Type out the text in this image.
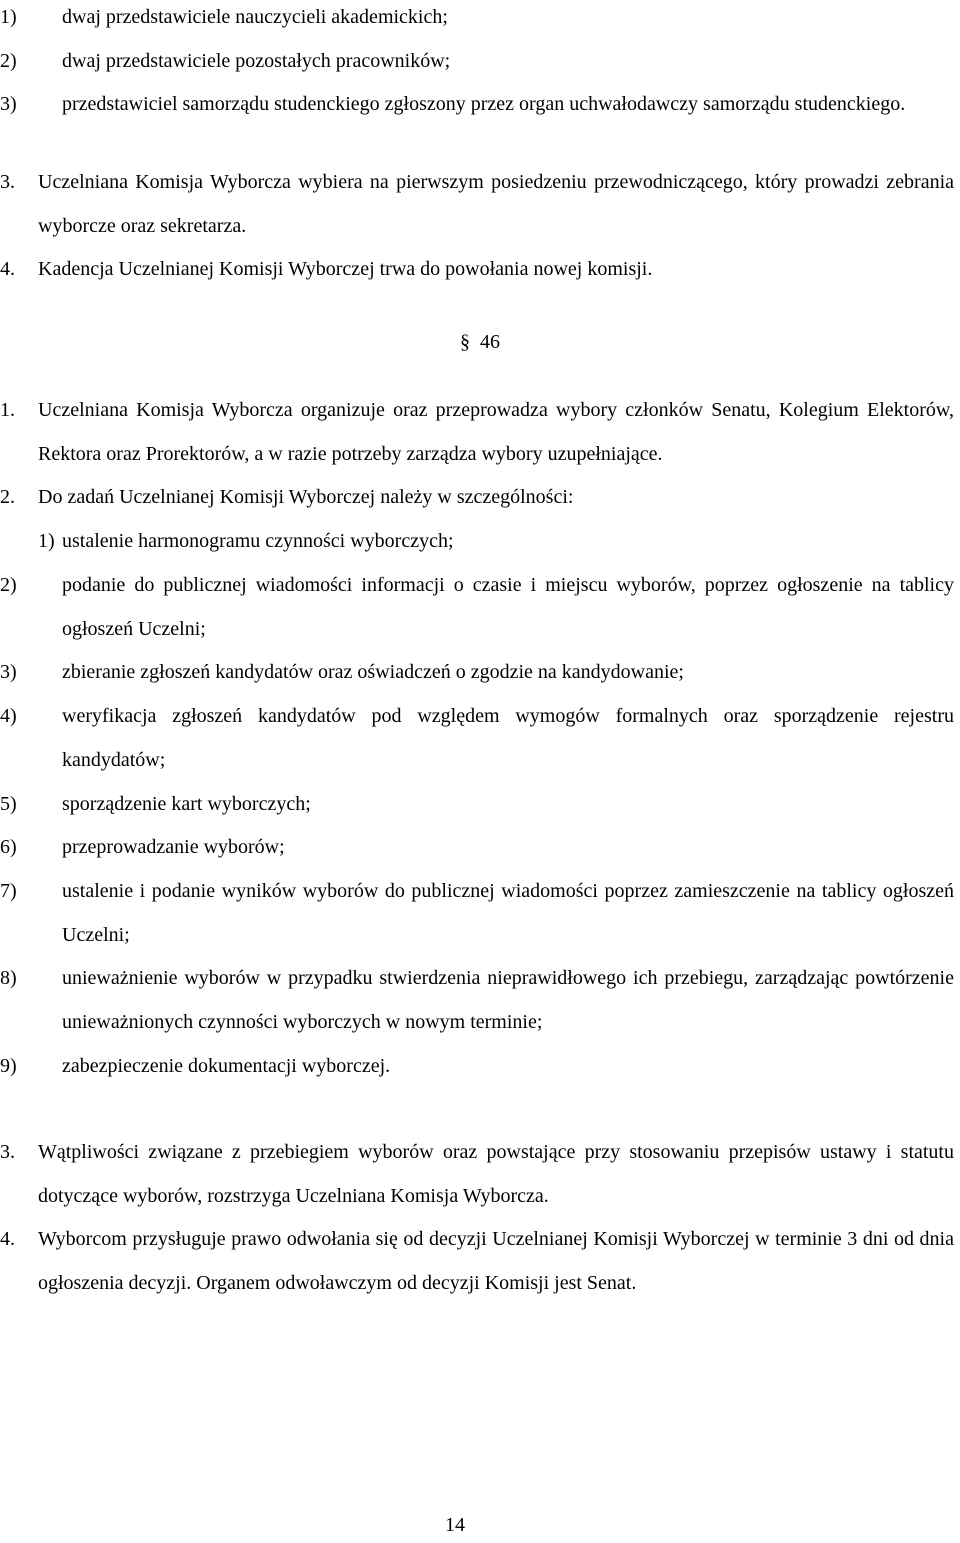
1) dwaj przedstawiciele nauczycieli akademickich;
2) dwaj przedstawiciele pozostałych pracowników;
3) przedstawiciel samorządu studenckiego zgłoszony przez organ uchwałodawczy samorządu studenckiego.
3. Uczelniana Komisja Wyborcza wybiera na pierwszym posiedzeniu przewodniczącego, który prowadzi zebrania wyborcze oraz sekretarza.
4. Kadencja Uczelnianej Komisji Wyborczej trwa do powołania nowej komisji.
§ 46
1. Uczelniana Komisja Wyborcza organizuje oraz przeprowadza wybory członków Senatu, Kolegium Elektorów, Rektora oraz Prorektorów, a w razie potrzeby zarządza wybory uzupełniające.
2. Do zadań Uczelnianej Komisji Wyborczej należy w szczególności:
1) ustalenie harmonogramu czynności wyborczych;
2) podanie do publicznej wiadomości informacji o czasie i miejscu wyborów, poprzez ogłoszenie na tablicy ogłoszeń Uczelni;
3) zbieranie zgłoszeń kandydatów oraz oświadczeń o zgodzie na kandydowanie;
4) weryfikacja zgłoszeń kandydatów pod względem wymogów formalnych oraz sporządzenie rejestru kandydatów;
5) sporządzenie kart wyborczych;
6) przeprowadzanie wyborów;
7) ustalenie i podanie wyników wyborów do publicznej wiadomości poprzez zamieszczenie na tablicy ogłoszeń Uczelni;
8) unieważnienie wyborów w przypadku stwierdzenia nieprawidłowego ich przebiegu, zarządzając powtórzenie unieważnionych czynności wyborczych w nowym terminie;
9) zabezpieczenie dokumentacji wyborczej.
3. Wątpliwości związane z przebiegiem wyborów oraz powstające przy stosowaniu przepisów ustawy i statutu dotyczące wyborów, rozstrzyga Uczelniana Komisja Wyborcza.
4. Wyborcom przysługuje prawo odwołania się od decyzji Uczelnianej Komisji Wyborczej w terminie 3 dni od dnia ogłoszenia decyzji. Organem odwoławczym od decyzji Komisji jest Senat.
14
